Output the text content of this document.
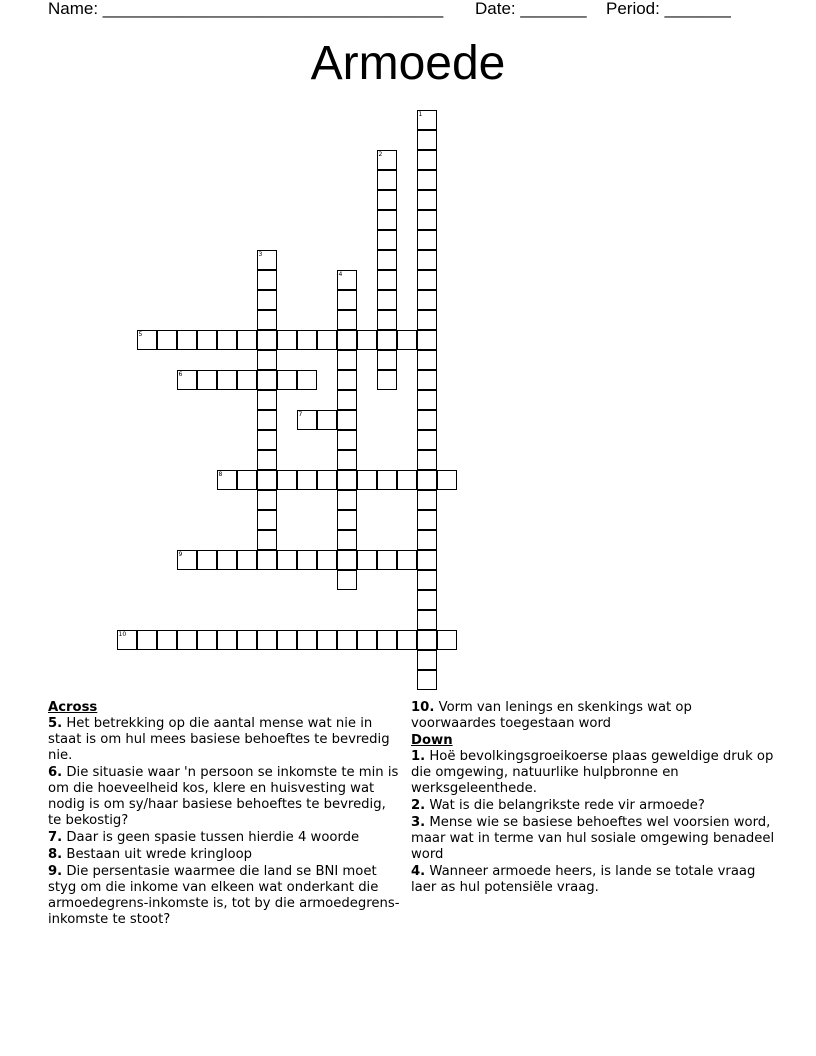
Name: ____________________________________ Date: _______ Period: _______
Armoede
1
2
3
4
5
6
7
8
9
10

Across

5. Het betrekking op die aantal mense wat nie in staat is om hul mees basiese behoeftes te bevredig nie.

6. Die situasie waar 'n persoon se inkomste te min is om die hoeveelheid kos, klere en huisvesting wat nodig is om sy/haar basiese behoeftes te bevredig, te bekostig?

7. Daar is geen spasie tussen hierdie 4 woorde

8. Bestaan uit wrede kringloop

9. Die persentasie waarmee die land se BNI moet styg om die inkome van elkeen wat onderkant die armoedegrens-inkomste is, tot by die armoedegrens-inkomste te stoot?

10. Vorm van lenings en skenkings wat op voorwaardes toegestaan word

Down

1. Hoë bevolkingsgroeikoerse plaas geweldige druk op die omgewing, natuurlike hulpbronne en werksgeleenthede.

2. Wat is die belangrikste rede vir armoede?

3. Mense wie se basiese behoeftes wel voorsien word, maar wat in terme van hul sosiale omgewing benadeel word

4. Wanneer armoede heers, is lande se totale vraag laer as hul potensiële vraag.
